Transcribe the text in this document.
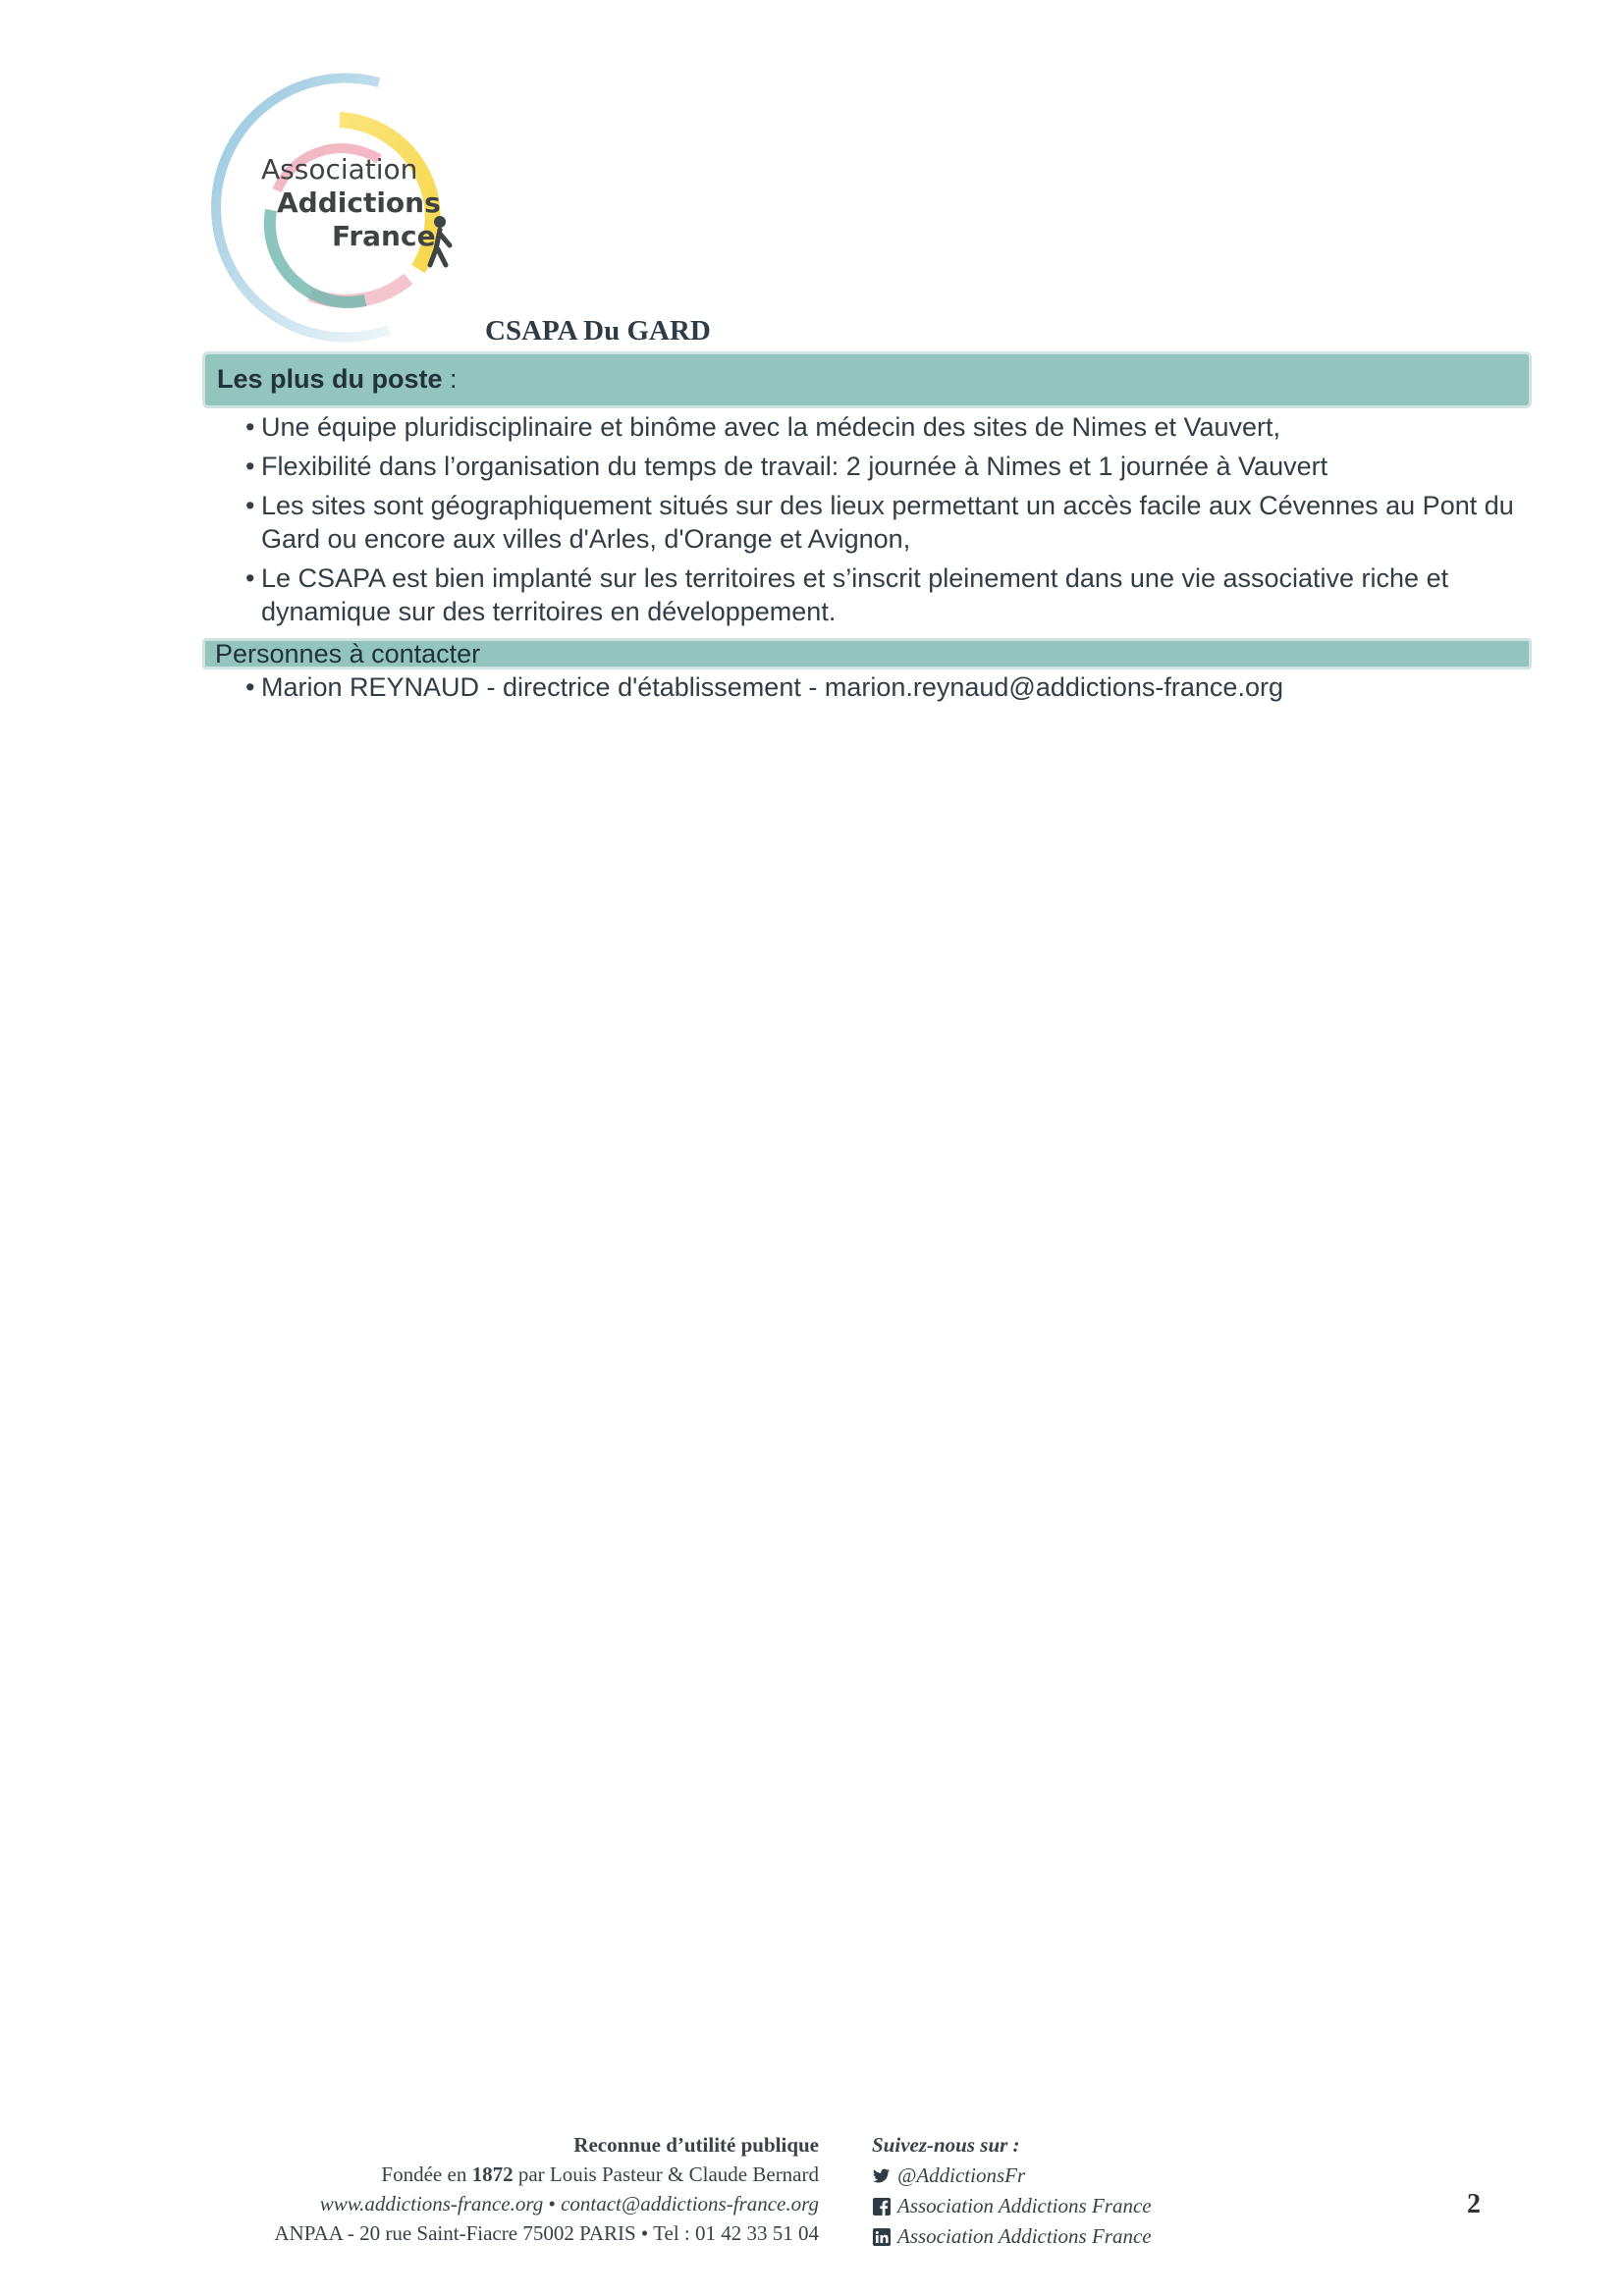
Association
Addictions
France
CSAPA Du GARD
Les plus du poste :
• Une équipe pluridisciplinaire et binôme avec la médecin des sites de Nimes et Vauvert,
• Flexibilité dans l’organisation du temps de travail: 2 journée à Nimes et 1 journée à Vauvert
• Les sites sont géographiquement situés sur des lieux permettant un accès facile aux Cévennes au Pont du Gard ou encore aux villes d'Arles, d'Orange et Avignon,
• Le CSAPA est bien implanté sur les territoires et s’inscrit pleinement dans une vie associative riche et dynamique sur des territoires en développement.
Personnes à contacter
• Marion REYNAUD - directrice d'établissement - marion.reynaud@addictions-france.org
Reconnue d’utilité publique
Fondée en 1872 par Louis Pasteur & Claude Bernard
www.addictions-france.org • contact@addictions-france.org
ANPAA - 20 rue Saint-Fiacre 75002 PARIS • Tel : 01 42 33 51 04
Suivez-nous sur :
@AddictionsFr
Association Addictions France
Association Addictions France
2
